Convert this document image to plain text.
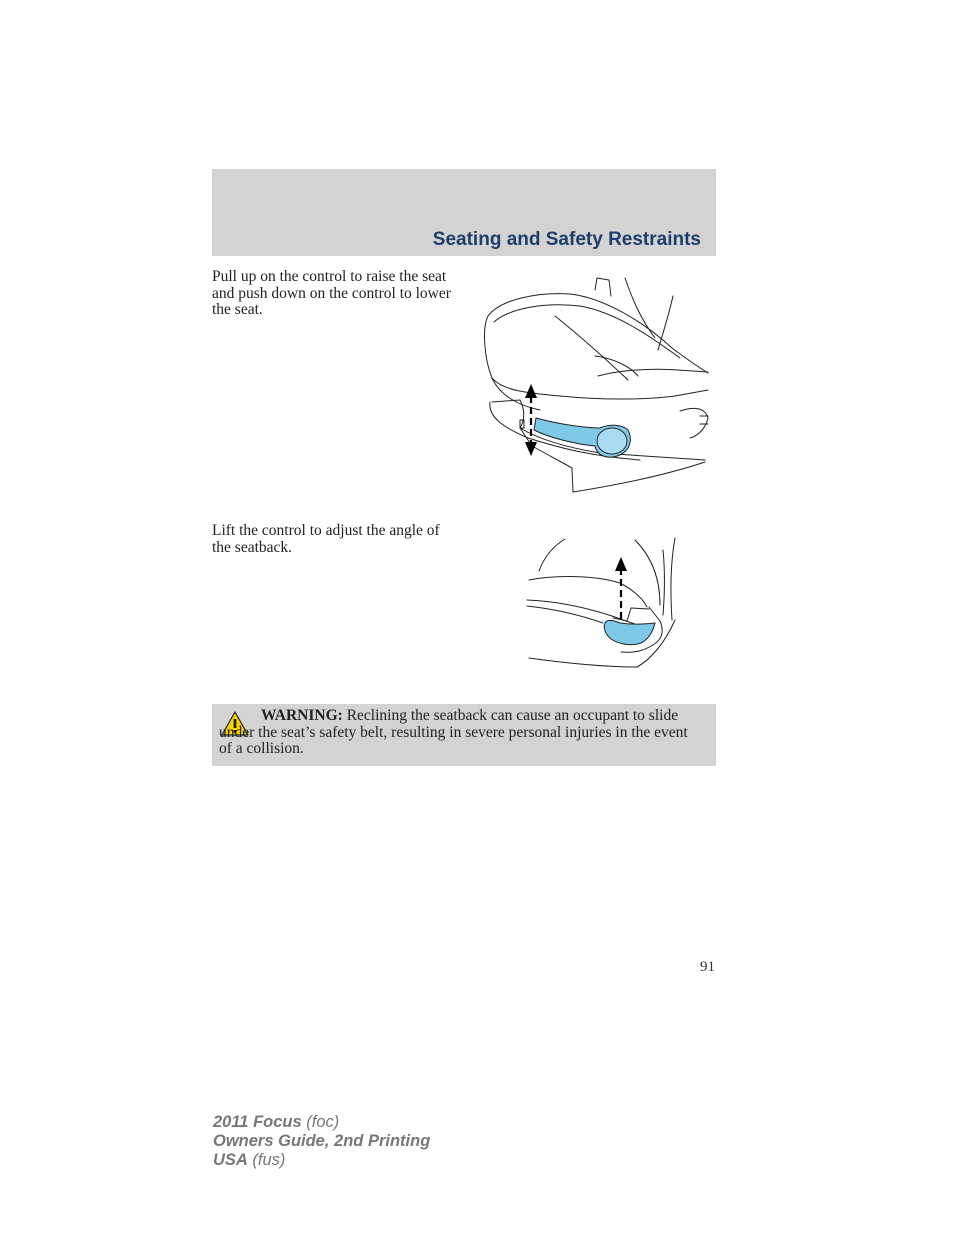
Seating and Safety Restraints

Pull up on the control to raise the seat and push down on the control to lower the seat.

Lift the control to adjust the angle of the seatback.

WARNING: Reclining the seatback can cause an occupant to slide under the seat’s safety belt, resulting in severe personal injuries in the event of a collision.

91
2011 Focus (foc)
Owners Guide, 2nd Printing
USA (fus)
